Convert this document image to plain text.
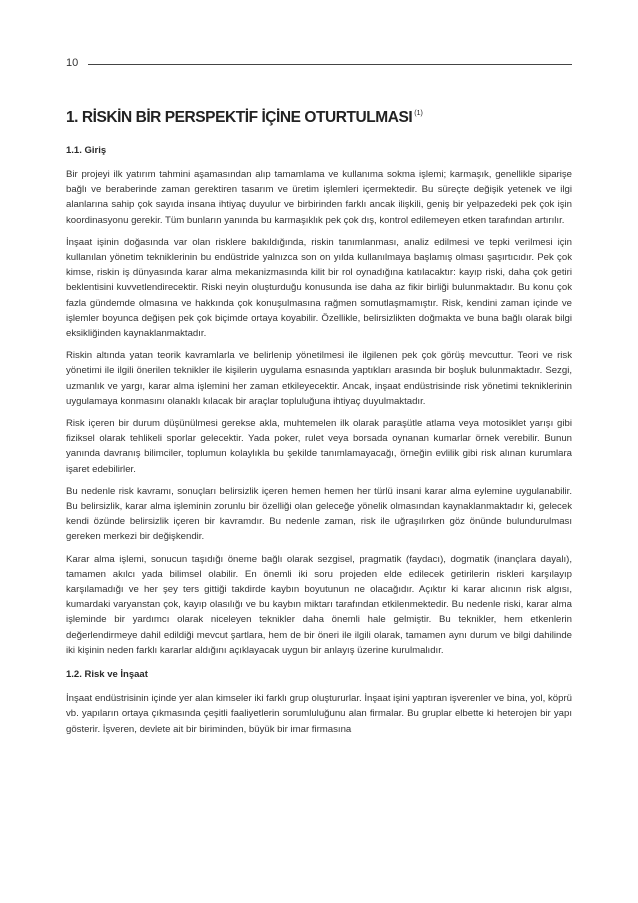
10
1. RİSKİN BİR PERSPEKTİF İÇİNE OTURTULMASI $^{(1)}$
1.1. Giriş

Bir projeyi ilk yatırım tahmini aşamasından alıp tamamlama ve kullanıma sokma işlemi; karmaşık, genellikle siparişe bağlı ve beraberinde zaman gerektiren tasarım ve üretim işlemleri içermektedir. Bu süreçte değişik yetenek ve ilgi alanlarına sahip çok sayıda insana ihtiyaç duyulur ve birbirinden farklı ancak ilişkili, geniş bir yelpazedeki pek çok işin koordinasyonu gerekir. Tüm bunların yanında bu karmaşıklık pek çok dış, kontrol edilemeyen etken tarafından artırılır.

İnşaat işinin doğasında var olan risklere bakıldığında, riskin tanımlanması, analiz edilmesi ve tepki verilmesi için kullanılan yönetim tekniklerinin bu endüstride yalnızca son on yılda kullanılmaya başlamış olması şaşırtıcıdır. Pek çok kimse, riskin iş dünyasında karar alma mekanizmasında kilit bir rol oynadığına katılacaktır: kayıp riski, daha çok getiri beklentisini kuvvetlendirecektir. Riski neyin oluşturduğu konusunda ise daha az fikir birliği bulunmaktadır. Bu konu çok fazla gündemde olmasına ve hakkında çok konuşulmasına rağmen somutlaşmamıştır. Risk, kendini zaman içinde ve işlemler boyunca değişen pek çok biçimde ortaya koyabilir. Özellikle, belirsizlikten doğmakta ve buna bağlı olarak bilgi eksikliğinden kaynaklanmaktadır.

Riskin altında yatan teorik kavramlarla ve belirlenip yönetilmesi ile ilgilenen pek çok görüş mevcuttur. Teori ve risk yönetimi ile ilgili önerilen teknikler ile kişilerin uygulama esnasında yaptıkları arasında bir boşluk bulunmaktadır. Sezgi, uzmanlık ve yargı, karar alma işlemini her zaman etkileyecektir. Ancak, inşaat endüstrisinde risk yönetimi tekniklerinin uygulamaya konmasını olanaklı kılacak bir araçlar topluluğuna ihtiyaç duyulmaktadır.

Risk içeren bir durum düşünülmesi gerekse akla, muhtemelen ilk olarak paraşütle atlama veya motosiklet yarışı gibi fiziksel olarak tehlikeli sporlar gelecektir. Yada poker, rulet veya borsada oynanan kumarlar örnek verebilir. Bunun yanında davranış bilimciler, toplumun kolaylıkla bu şekilde tanımlamayacağı, örneğin evlilik gibi risk alınan kurumlara işaret edebilirler.

Bu nedenle risk kavramı, sonuçları belirsizlik içeren hemen hemen her türlü insani karar alma eylemine uygulanabilir. Bu belirsizlik, karar alma işleminin zorunlu bir özelliği olan geleceğe yönelik olmasından kaynaklanmaktadır ki, gelecek kendi özünde belirsizlik içeren bir kavramdır. Bu nedenle zaman, risk ile uğraşılırken göz önünde bulundurulması gereken merkezi bir değişkendir.

Karar alma işlemi, sonucun taşıdığı öneme bağlı olarak sezgisel, pragmatik (faydacı), dogmatik (inançlara dayalı), tamamen akılcı yada bilimsel olabilir. En önemli iki soru projeden elde edilecek getirilerin riskleri karşılayıp karşılamadığı ve her şey ters gittiği takdirde kaybın boyutunun ne olacağıdır. Açıktır ki karar alıcının risk algısı, kumardaki varyanstan çok, kayıp olasılığı ve bu kaybın miktarı tarafından etkilenmektedir. Bu nedenle riski, karar alma işleminde bir yardımcı olarak niceleyen teknikler daha önemli hale gelmiştir. Bu teknikler, hem etkenlerin değerlendirmeye dahil edildiği mevcut şartlara, hem de bir öneri ile ilgili olarak, tamamen aynı durum ve bilgi dahilinde iki kişinin neden farklı kararlar aldığını açıklayacak uygun bir anlayış üzerine kurulmalıdır.

1.2. Risk ve İnşaat

İnşaat endüstrisinin içinde yer alan kimseler iki farklı grup oluştururlar. İnşaat işini yaptıran işverenler ve bina, yol, köprü vb. yapıların ortaya çıkmasında çeşitli faaliyetlerin sorumluluğunu alan firmalar. Bu gruplar elbette ki heterojen bir yapı gösterir. İşveren, devlete ait bir biriminden, büyük bir imar firmasına
